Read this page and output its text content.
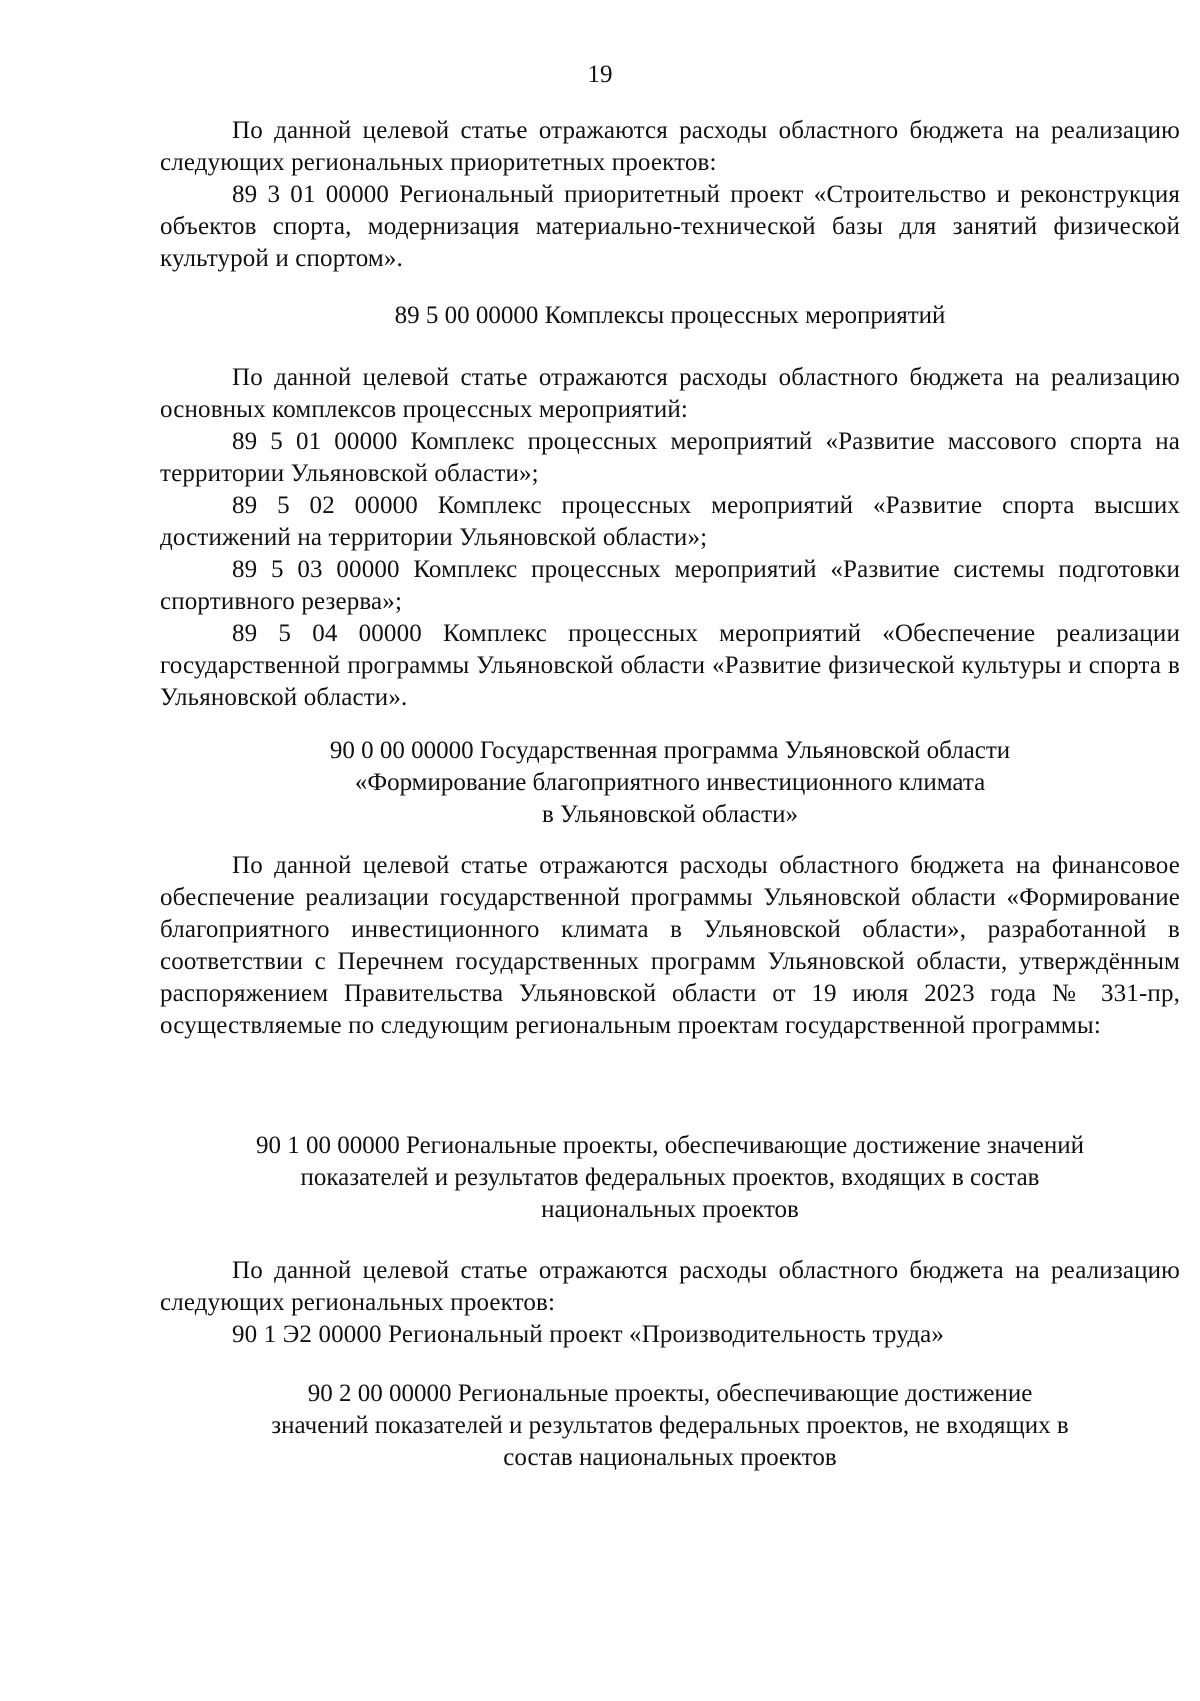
19

По данной целевой статье отражаются расходы областного бюджета на реализацию следующих региональных приоритетных проектов:

89 3 01 00000 Региональный приоритетный проект «Строительство и реконструкция объектов спорта, модернизация материально-технической базы для занятий физической культурой и спортом».

89 5 00 00000 Комплексы процессных мероприятий

По данной целевой статье отражаются расходы областного бюджета на реализацию основных комплексов процессных мероприятий:

89 5 01 00000 Комплекс процессных мероприятий «Развитие массового спорта на территории Ульяновской области»;

89 5 02 00000 Комплекс процессных мероприятий «Развитие спорта высших достижений на территории Ульяновской области»;

89 5 03 00000 Комплекс процессных мероприятий «Развитие системы подготовки спортивного резерва»;

89 5 04 00000 Комплекс процессных мероприятий «Обеспечение реализации государственной программы Ульяновской области «Развитие физической культуры и спорта в Ульяновской области».

90 0 00 00000 Государственная программа Ульяновской области
«Формирование благоприятного инвестиционного климата
в Ульяновской области»

По данной целевой статье отражаются расходы областного бюджета на финансовое обеспечение реализации государственной программы Ульяновской области «Формирование благоприятного инвестиционного климата в Ульяновской области», разработанной в соответствии с Перечнем государственных программ Ульяновской области, утверждённым распоряжением Правительства Ульяновской области от 19 июля 2023 года № 331-пр, осуществляемые по следующим региональным проектам государственной программы:

90 1 00 00000 Региональные проекты, обеспечивающие достижение значений
показателей и результатов федеральных проектов, входящих в состав
национальных проектов

По данной целевой статье отражаются расходы областного бюджета на реализацию следующих региональных проектов:

90 1 Э2 00000 Региональный проект «Производительность труда»

90 2 00 00000 Региональные проекты, обеспечивающие достижение
значений показателей и результатов федеральных проектов, не входящих в
состав национальных проектов
